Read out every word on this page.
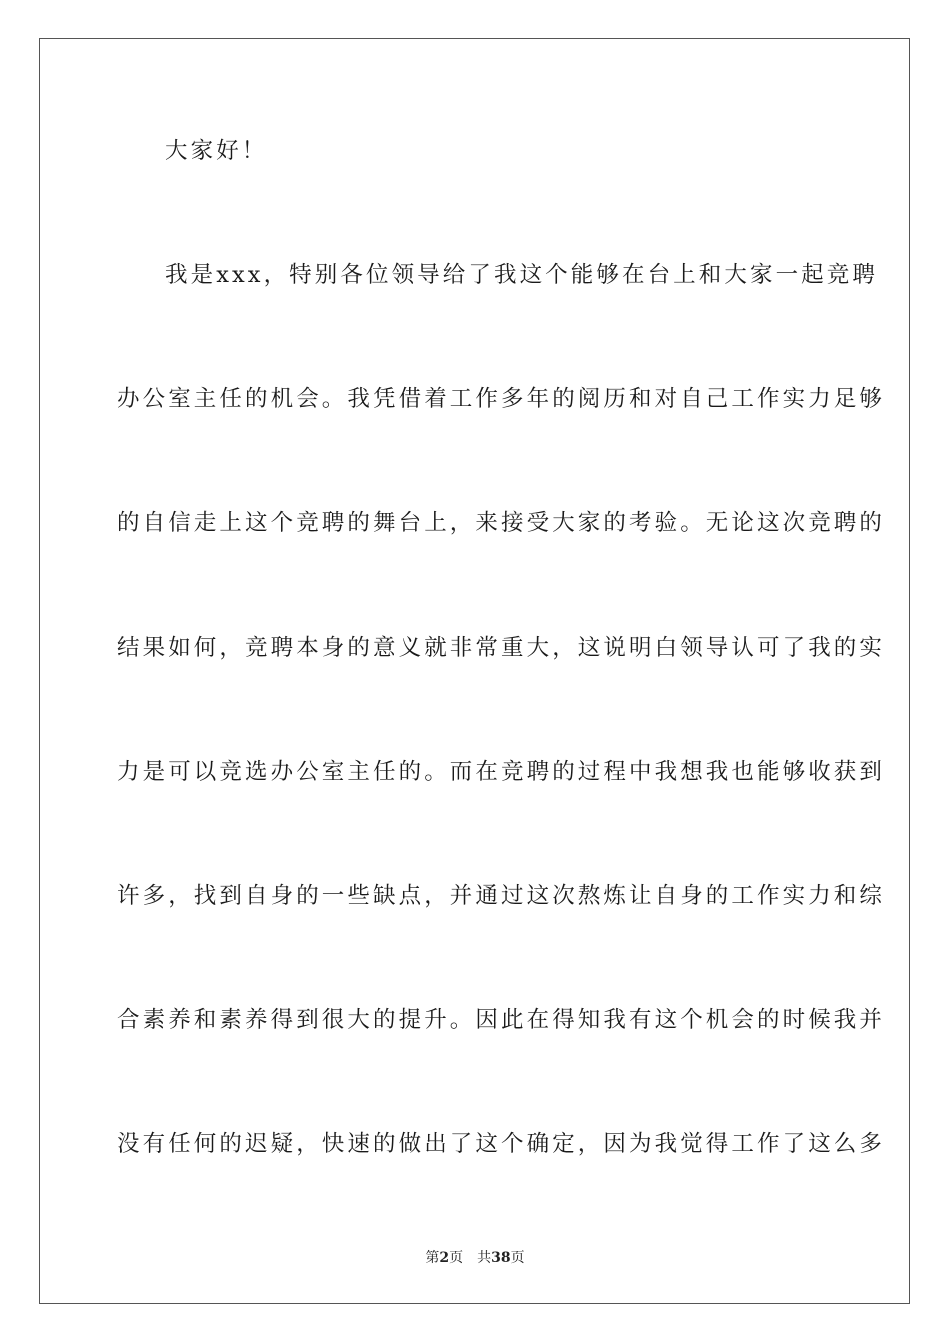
大家好！
我是xxx，特别各位领导给了我这个能够在台上和大家一起竞聘
办公室主任的机会。我凭借着工作多年的阅历和对自己工作实力足够
的自信走上这个竞聘的舞台上，来接受大家的考验。无论这次竞聘的
结果如何，竞聘本身的意义就非常重大，这说明白领导认可了我的实
力是可以竞选办公室主任的。而在竞聘的过程中我想我也能够收获到
许多，找到自身的一些缺点，并通过这次熬炼让自身的工作实力和综
合素养和素养得到很大的提升。因此在得知我有这个机会的时候我并
没有任何的迟疑，快速的做出了这个确定，因为我觉得工作了这么多
第2页 共38页
